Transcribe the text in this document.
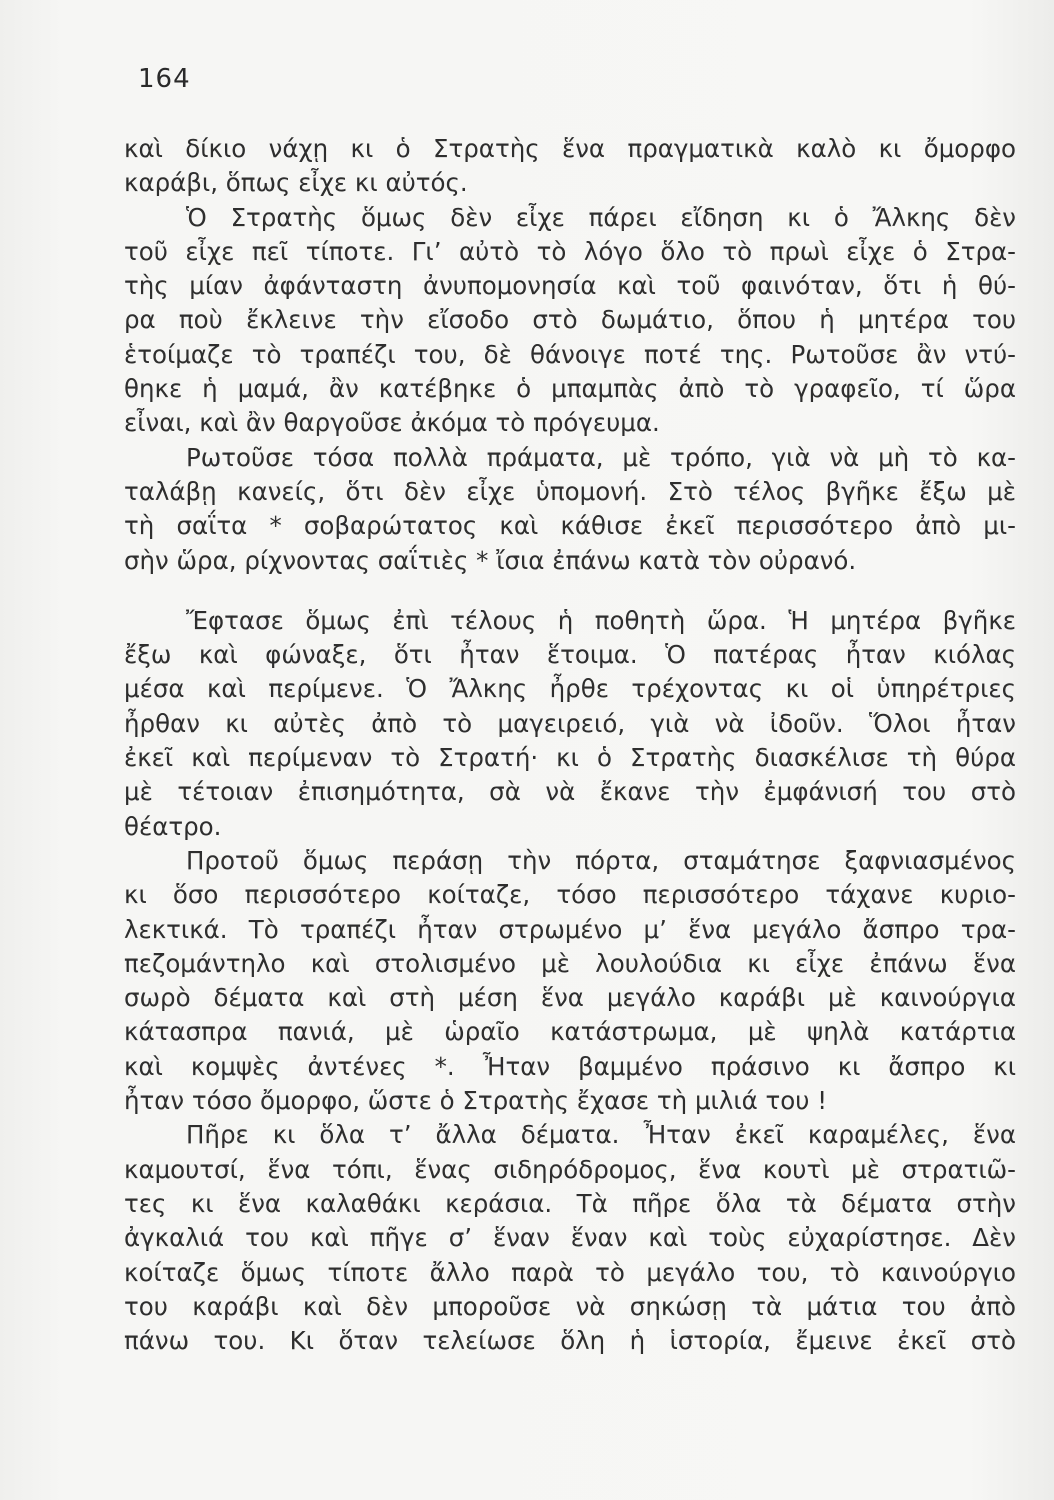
164
καὶ δίκιο νάχῃ κι ὁ Στρατὴς ἕνα πραγματικὰ καλὸ κι ὄμορφο
καράβι, ὅπως εἶχε κι αὐτός.
Ὁ Στρατὴς ὅμως δὲν εἶχε πάρει εἴδηση κι ὁ Ἄλκης δὲν
τοῦ εἶχε πεῖ τίποτε. Γι’ αὐτὸ τὸ λόγο ὅλο τὸ πρωὶ εἶχε ὁ Στρα-
τὴς μίαν ἀφάνταστη ἀνυπομονησία καὶ τοῦ φαινόταν, ὅτι ἡ θύ-
ρα ποὺ ἔκλεινε τὴν εἴσοδο στὸ δωμάτιο, ὅπου ἡ μητέρα του
ἑτοίμαζε τὸ τραπέζι του, δὲ θάνοιγε ποτέ της. Ρωτοῦσε ἂν ντύ-
θηκε ἡ μαμά, ἂν κατέβηκε ὁ μπαμπὰς ἀπὸ τὸ γραφεῖο, τί ὥρα
εἶναι, καὶ ἂν θαργοῦσε ἀκόμα τὸ πρόγευμα.
Ρωτοῦσε τόσα πολλὰ πράματα, μὲ τρόπο, γιὰ νὰ μὴ τὸ κα-
ταλάβῃ κανείς, ὅτι δὲν εἶχε ὑπομονή. Στὸ τέλος βγῆκε ἔξω μὲ
τὴ σαΐτα * σοβαρώτατος καὶ κάθισε ἐκεῖ περισσότερο ἀπὸ μι-
σὴν ὥρα, ρίχνοντας σαΐτιὲς * ἴσια ἐπάνω κατὰ τὸν οὐρανό.
Ἔφτασε ὅμως ἐπὶ τέλους ἡ ποθητὴ ὥρα. Ἡ μητέρα βγῆκε
ἔξω καὶ φώναξε, ὅτι ἦταν ἕτοιμα. Ὁ πατέρας ἦταν κιόλας
μέσα καὶ περίμενε. Ὁ Ἄλκης ἦρθε τρέχοντας κι οἱ ὑπηρέτριες
ἦρθαν κι αὐτὲς ἀπὸ τὸ μαγειρειό, γιὰ νὰ ἰδοῦν. Ὅλοι ἦταν
ἐκεῖ καὶ περίμεναν τὸ Στρατή· κι ὁ Στρατὴς διασκέλισε τὴ θύρα
μὲ τέτοιαν ἐπισημότητα, σὰ νὰ ἔκανε τὴν ἐμφάνισή του στὸ
θέατρο.
Προτοῦ ὅμως περάσῃ τὴν πόρτα, σταμάτησε ξαφνιασμένος
κι ὅσο περισσότερο κοίταζε, τόσο περισσότερο τάχανε κυριο-
λεκτικά. Τὸ τραπέζι ἦταν στρωμένο μ’ ἕνα μεγάλο ἄσπρο τρα-
πεζομάντηλο καὶ στολισμένο μὲ λουλούδια κι εἶχε ἐπάνω ἕνα
σωρὸ δέματα καὶ στὴ μέση ἕνα μεγάλο καράβι μὲ καινούργια
κάτασπρα πανιά, μὲ ὡραῖο κατάστρωμα, μὲ ψηλὰ κατάρτια
καὶ κομψὲς ἀντένες *. Ἦταν βαμμένο πράσινο κι ἄσπρο κι
ἦταν τόσο ὄμορφο, ὥστε ὁ Στρατὴς ἔχασε τὴ μιλιά του !
Πῆρε κι ὅλα τ’ ἄλλα δέματα. Ἦταν ἐκεῖ καραμέλες, ἕνα
καμουτσί, ἕνα τόπι, ἕνας σιδηρόδρομος, ἕνα κουτὶ μὲ στρατιῶ-
τες κι ἕνα καλαθάκι κεράσια. Τὰ πῆρε ὅλα τὰ δέματα στὴν
ἀγκαλιά του καὶ πῆγε σ’ ἕναν ἕναν καὶ τοὺς εὐχαρίστησε. Δὲν
κοίταζε ὅμως τίποτε ἄλλο παρὰ τὸ μεγάλο του, τὸ καινούργιο
του καράβι καὶ δὲν μποροῦσε νὰ σηκώσῃ τὰ μάτια του ἀπὸ
πάνω του. Κι ὅταν τελείωσε ὅλη ἡ ἱστορία, ἔμεινε ἐκεῖ στὸ
